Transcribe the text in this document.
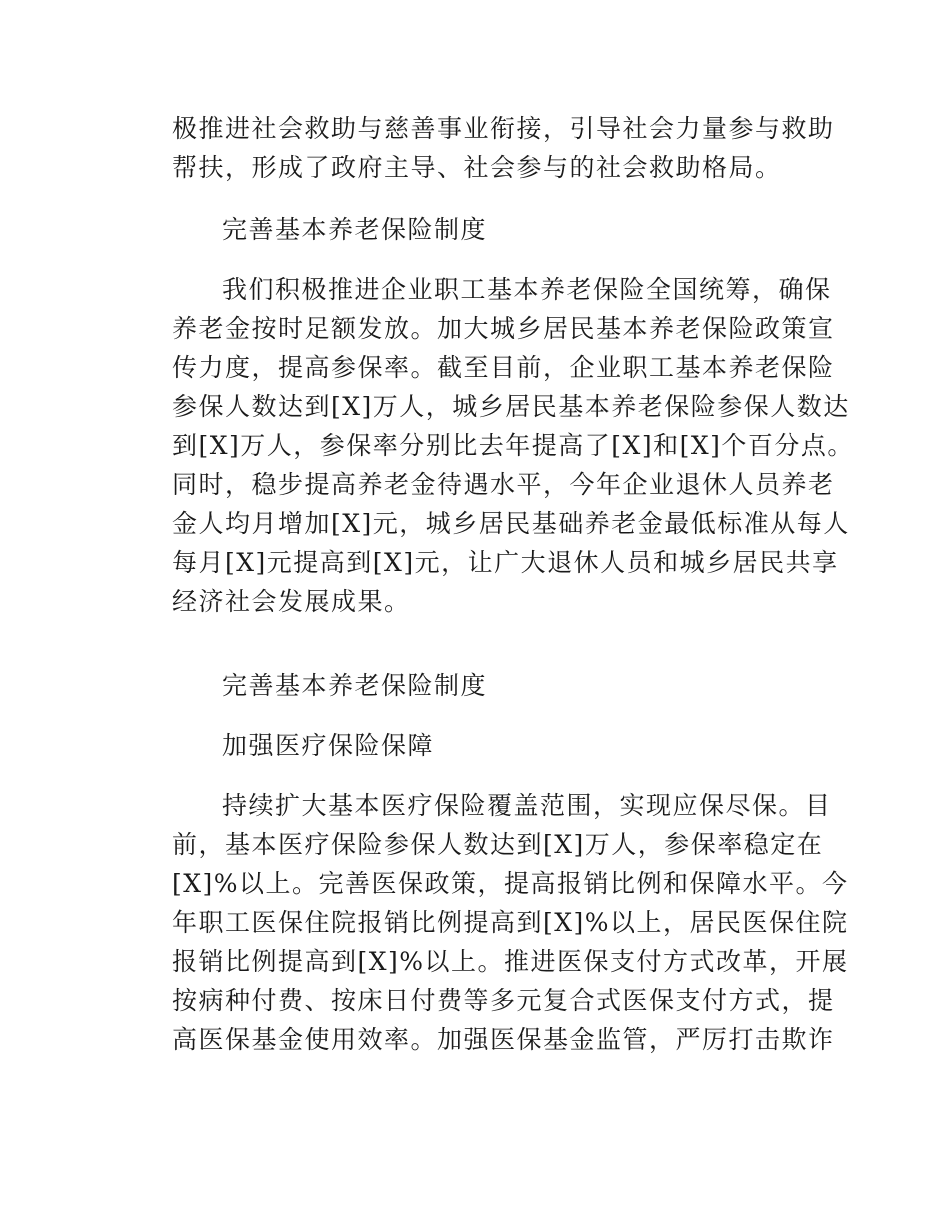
极推进社会救助与慈善事业衔接，引导社会力量参与救助
帮扶，形成了政府主导、社会参与的社会救助格局。
完善基本养老保险制度
我们积极推进企业职工基本养老保险全国统筹，确保
养老金按时足额发放。加大城乡居民基本养老保险政策宣
传力度，提高参保率。截至目前，企业职工基本养老保险
参保人数达到[X]万人，城乡居民基本养老保险参保人数达
到[X]万人，参保率分别比去年提高了[X]和[X]个百分点。
同时，稳步提高养老金待遇水平，今年企业退休人员养老
金人均月增加[X]元，城乡居民基础养老金最低标准从每人
每月[X]元提高到[X]元，让广大退休人员和城乡居民共享
经济社会发展成果。
完善基本养老保险制度
加强医疗保险保障
持续扩大基本医疗保险覆盖范围，实现应保尽保。目
前，基本医疗保险参保人数达到[X]万人，参保率稳定在
[X]%以上。完善医保政策，提高报销比例和保障水平。今
年职工医保住院报销比例提高到[X]%以上，居民医保住院
报销比例提高到[X]%以上。推进医保支付方式改革，开展
按病种付费、按床日付费等多元复合式医保支付方式，提
高医保基金使用效率。加强医保基金监管，严厉打击欺诈
